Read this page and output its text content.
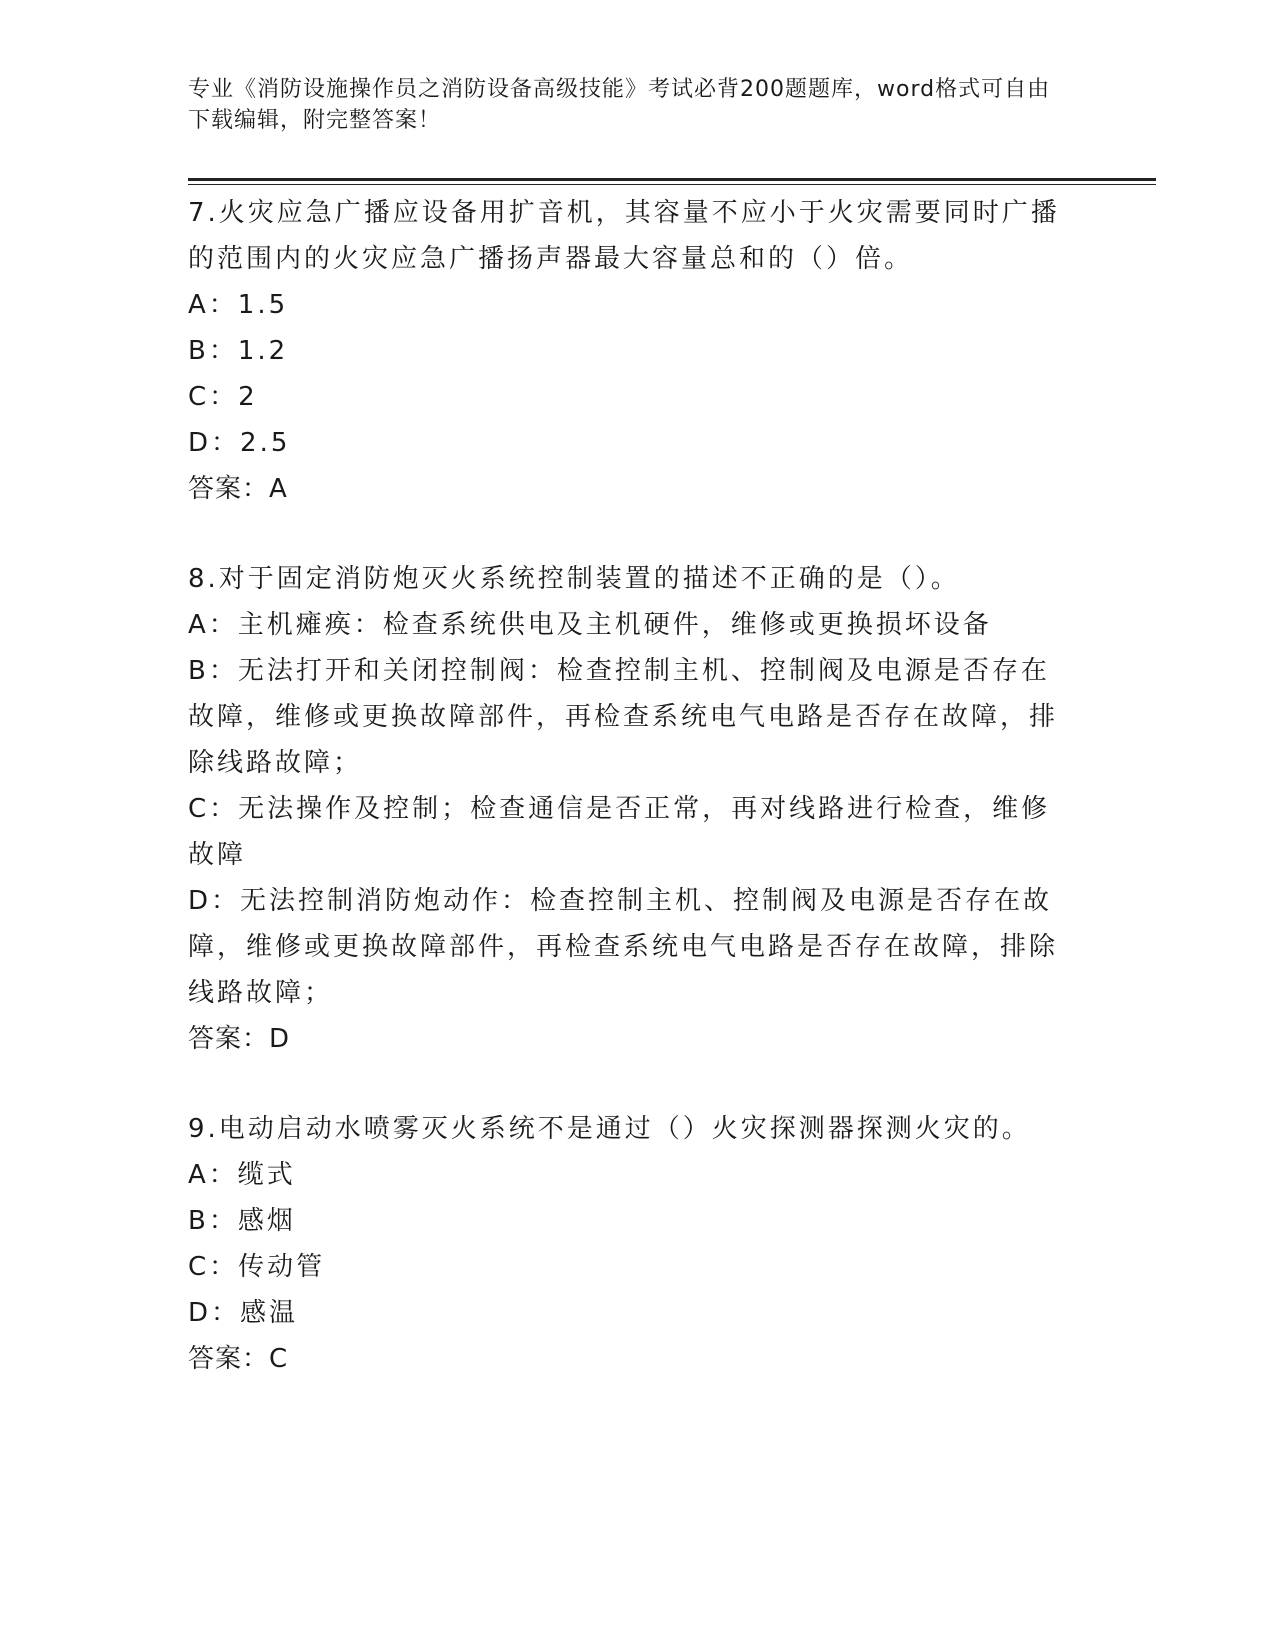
专业《消防设施操作员之消防设备高级技能》考试必背200题题库，word格式可自由下载编辑，附完整答案！
7.火灾应急广播应设备用扩音机，其容量不应小于火灾需要同时广播的范围内的火灾应急广播扬声器最大容量总和的（）倍。
A：1.5
B：1.2
C：2
D：2.5
答案：A
8.对于固定消防炮灭火系统控制装置的描述不正确的是（）。
A：主机瘫痪：检查系统供电及主机硬件，维修或更换损坏设备
B：无法打开和关闭控制阀：检查控制主机、控制阀及电源是否存在故障，维修或更换故障部件，再检查系统电气电路是否存在故障，排除线路故障；
C：无法操作及控制；检查通信是否正常，再对线路进行检查，维修故障
D：无法控制消防炮动作：检查控制主机、控制阀及电源是否存在故障，维修或更换故障部件，再检查系统电气电路是否存在故障，排除线路故障；
答案：D
9.电动启动水喷雾灭火系统不是通过（）火灾探测器探测火灾的。
A：缆式
B：感烟
C：传动管
D：感温
答案：C
